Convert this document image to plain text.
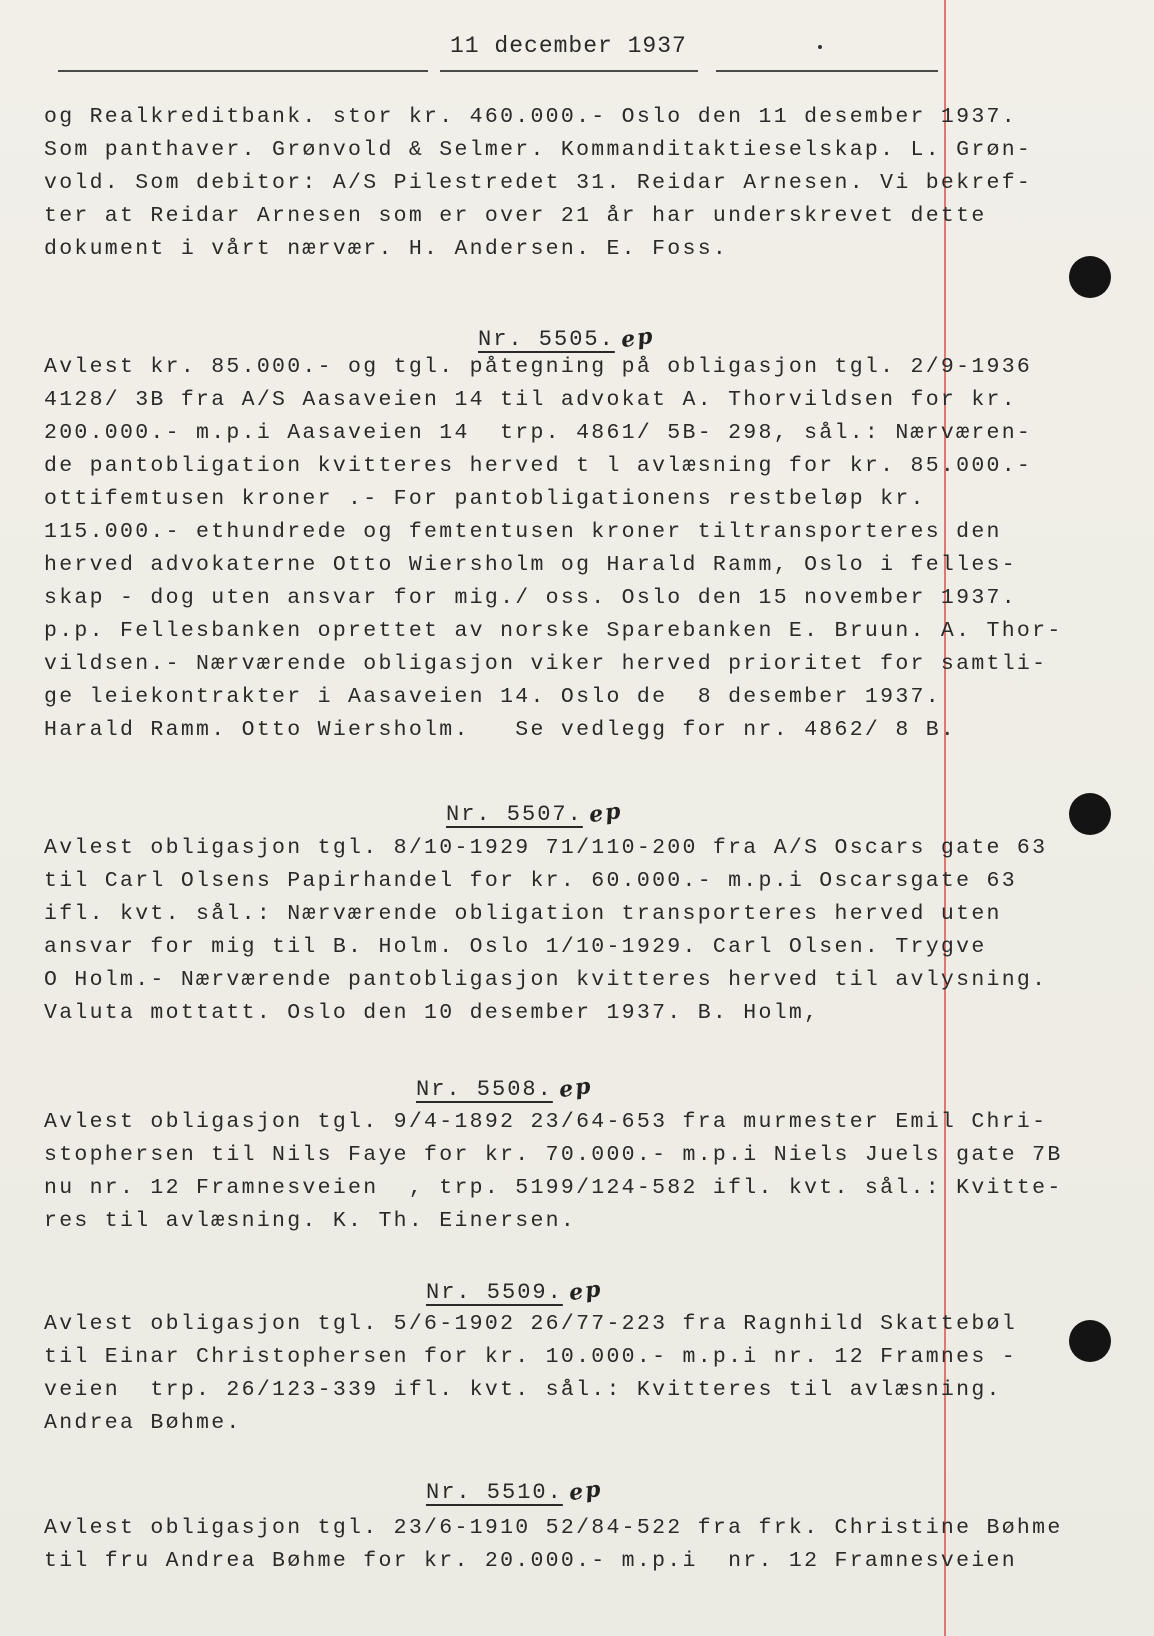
11 december 1937
og Realkreditbank. stor kr. 460.000.- Oslo den 11 desember 1937.
Som panthaver. Grønvold & Selmer. Kommanditaktieselskap. L. Grøn-
vold. Som debitor: A/S Pilestredet 31. Reidar Arnesen. Vi bekref-
ter at Reidar Arnesen som er over 21 år har underskrevet dette
dokument i vårt nærvær. H. Andersen. E. Foss.
Nr. 5505. ep
Avlest kr. 85.000.- og tgl. påtegning på obligasjon tgl. 2/9-1936
4128/ 3B fra A/S Aasaveien 14 til advokat A. Thorvildsen for kr.
200.000.- m.p.i Aasaveien 14  trp. 4861/ 5B- 298, sål.: Nærværen-
de pantobligation kvitteres herved t l avlæsning for kr. 85.000.-
ottifemtusen kroner .- For pantobligationens restbeløp kr.
115.000.- ethundrede og femtentusen kroner tiltransporteres den
herved advokaterne Otto Wiersholm og Harald Ramm, Oslo i felles-
skap - dog uten ansvar for mig./ oss. Oslo den 15 november 1937.
p.p. Fellesbanken oprettet av norske Sparebanken E. Bruun. A. Thor-
vildsen.- Nærværende obligasjon viker herved prioritet for samtli-
ge leiekontrakter i Aasaveien 14. Oslo de  8 desember 1937.
Harald Ramm. Otto Wiersholm.   Se vedlegg for nr. 4862/ 8 B.
Nr. 5507. ep
Avlest obligasjon tgl. 8/10-1929 71/110-200 fra A/S Oscars gate 63
til Carl Olsens Papirhandel for kr. 60.000.- m.p.i Oscarsgate 63
ifl. kvt. sål.: Nærværende obligation transporteres herved uten
ansvar for mig til B. Holm. Oslo 1/10-1929. Carl Olsen. Trygve
O Holm.- Nærværende pantobligasjon kvitteres herved til avlysning.
Valuta mottatt. Oslo den 10 desember 1937. B. Holm,
Nr. 5508. ep
Avlest obligasjon tgl. 9/4-1892 23/64-653 fra murmester Emil Chri-
stophersen til Nils Faye for kr. 70.000.- m.p.i Niels Juels gate 7B
nu nr. 12 Framnesveien  , trp. 5199/124-582 ifl. kvt. sål.: Kvitte-
res til avlæsning. K. Th. Einersen.
Nr. 5509. ep
Avlest obligasjon tgl. 5/6-1902 26/77-223 fra Ragnhild Skattebøl
til Einar Christophersen for kr. 10.000.- m.p.i nr. 12 Framnes -
veien  trp. 26/123-339 ifl. kvt. sål.: Kvitteres til avlæsning.
Andrea Bøhme.
Nr. 5510. ep
Avlest obligasjon tgl. 23/6-1910 52/84-522 fra frk. Christine Bøhme
til fru Andrea Bøhme for kr. 20.000.- m.p.i  nr. 12 Framnesveien
